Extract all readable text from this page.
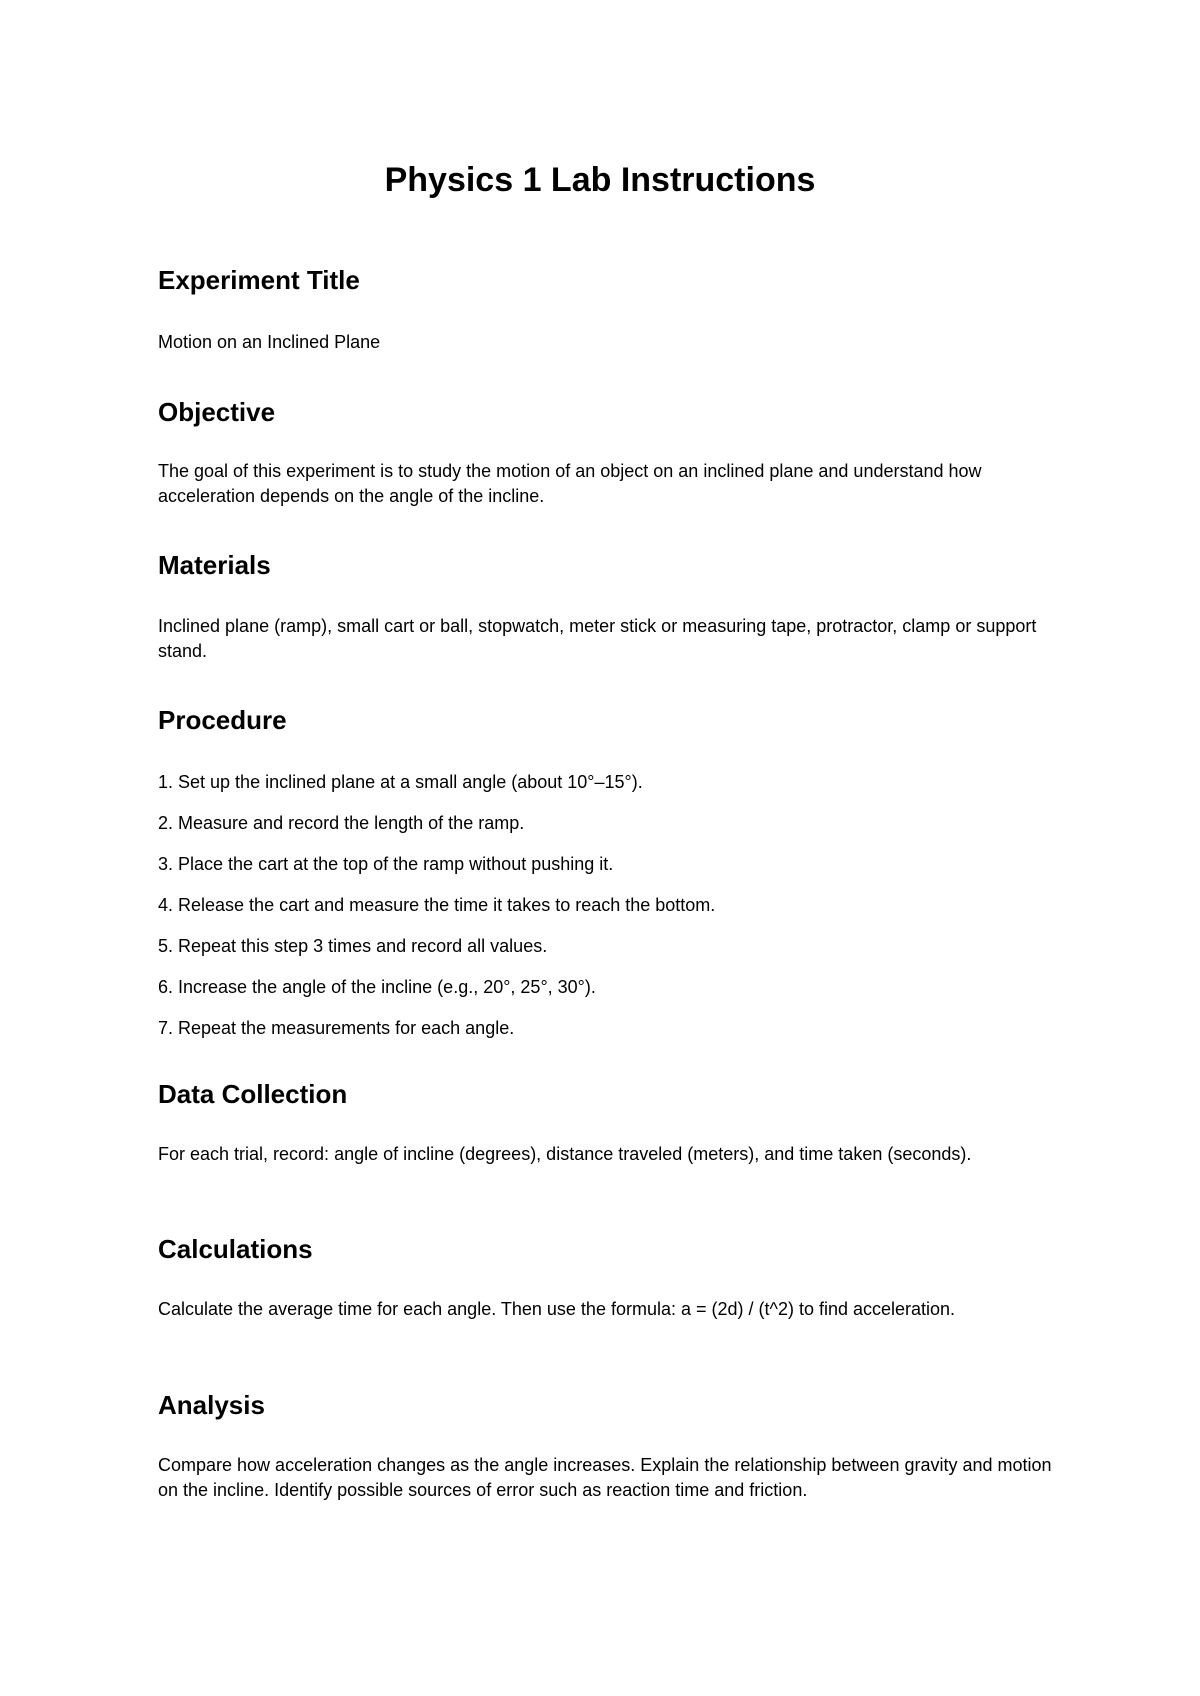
Physics 1 Lab Instructions
Experiment Title

Motion on an Inclined Plane

Objective

The goal of this experiment is to study the motion of an object on an inclined plane and understand how acceleration depends on the angle of the incline.

Materials

Inclined plane (ramp), small cart or ball, stopwatch, meter stick or measuring tape, protractor, clamp or support stand.

Procedure

1. Set up the inclined plane at a small angle (about 10°–15°).

2. Measure and record the length of the ramp.

3. Place the cart at the top of the ramp without pushing it.

4. Release the cart and measure the time it takes to reach the bottom.

5. Repeat this step 3 times and record all values.

6. Increase the angle of the incline (e.g., 20°, 25°, 30°).

7. Repeat the measurements for each angle.

Data Collection

For each trial, record: angle of incline (degrees), distance traveled (meters), and time taken (seconds).

Calculations

Calculate the average time for each angle. Then use the formula: a = (2d) / (t^2) to find acceleration.

Analysis

Compare how acceleration changes as the angle increases. Explain the relationship between gravity and motion on the incline. Identify possible sources of error such as reaction time and friction.
